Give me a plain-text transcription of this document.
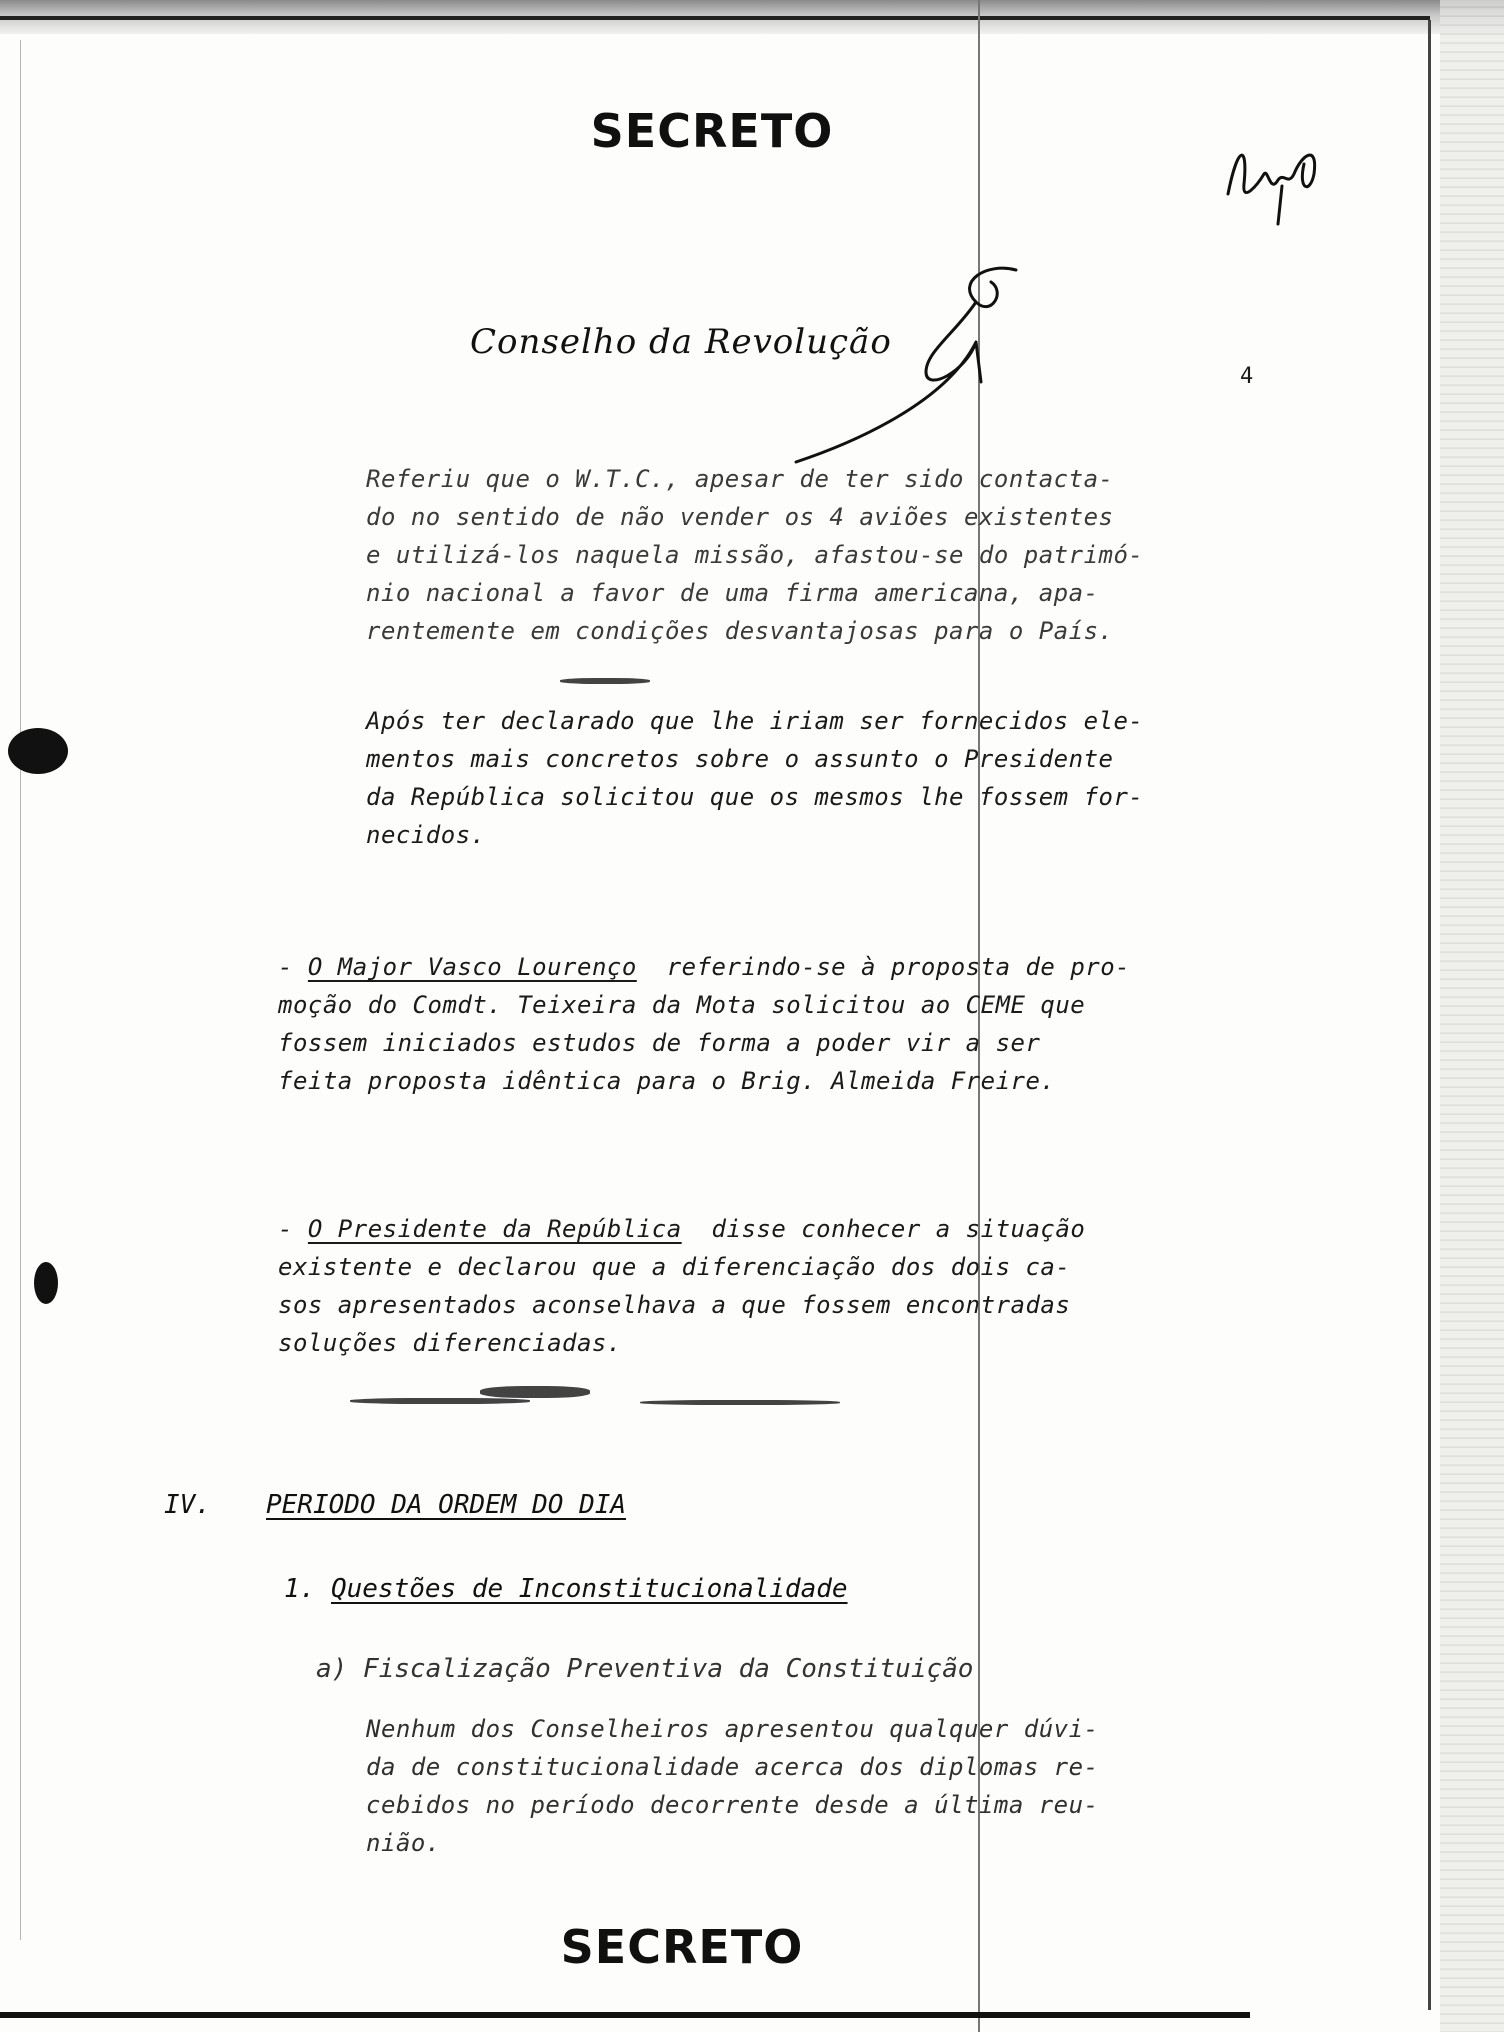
SECRETO
Conselho da Revolução
4
Referiu que o W.T.C., apesar de ter sido contacta-
do no sentido de não vender os 4 aviões existentes
e utilizá-los naquela missão, afastou-se do patrimó-
nio nacional a favor de uma firma americana, apa-
rentemente em condições desvantajosas para o País.
Após ter declarado que lhe iriam ser fornecidos ele-
mentos mais concretos sobre o assunto o Presidente
da República solicitou que os mesmos lhe fossem for-
necidos.
- O Major Vasco Lourenço  referindo-se à proposta de pro-
moção do Comdt. Teixeira da Mota solicitou ao CEME que
fossem iniciados estudos de forma a poder vir a ser
feita proposta idêntica para o Brig. Almeida Freire.
- O Presidente da República  disse conhecer a situação
existente e declarou que a diferenciação dos dois ca-
sos apresentados aconselhava a que fossem encontradas
soluções diferenciadas.
IV. PERIODO DA ORDEM DO DIA
1. Questões de Inconstitucionalidade
a) Fiscalização Preventiva da Constituição
Nenhum dos Conselheiros apresentou qualquer dúvi-
da de constitucionalidade acerca dos diplomas re-
cebidos no período decorrente desde a última reu-
nião.
SECRETO
